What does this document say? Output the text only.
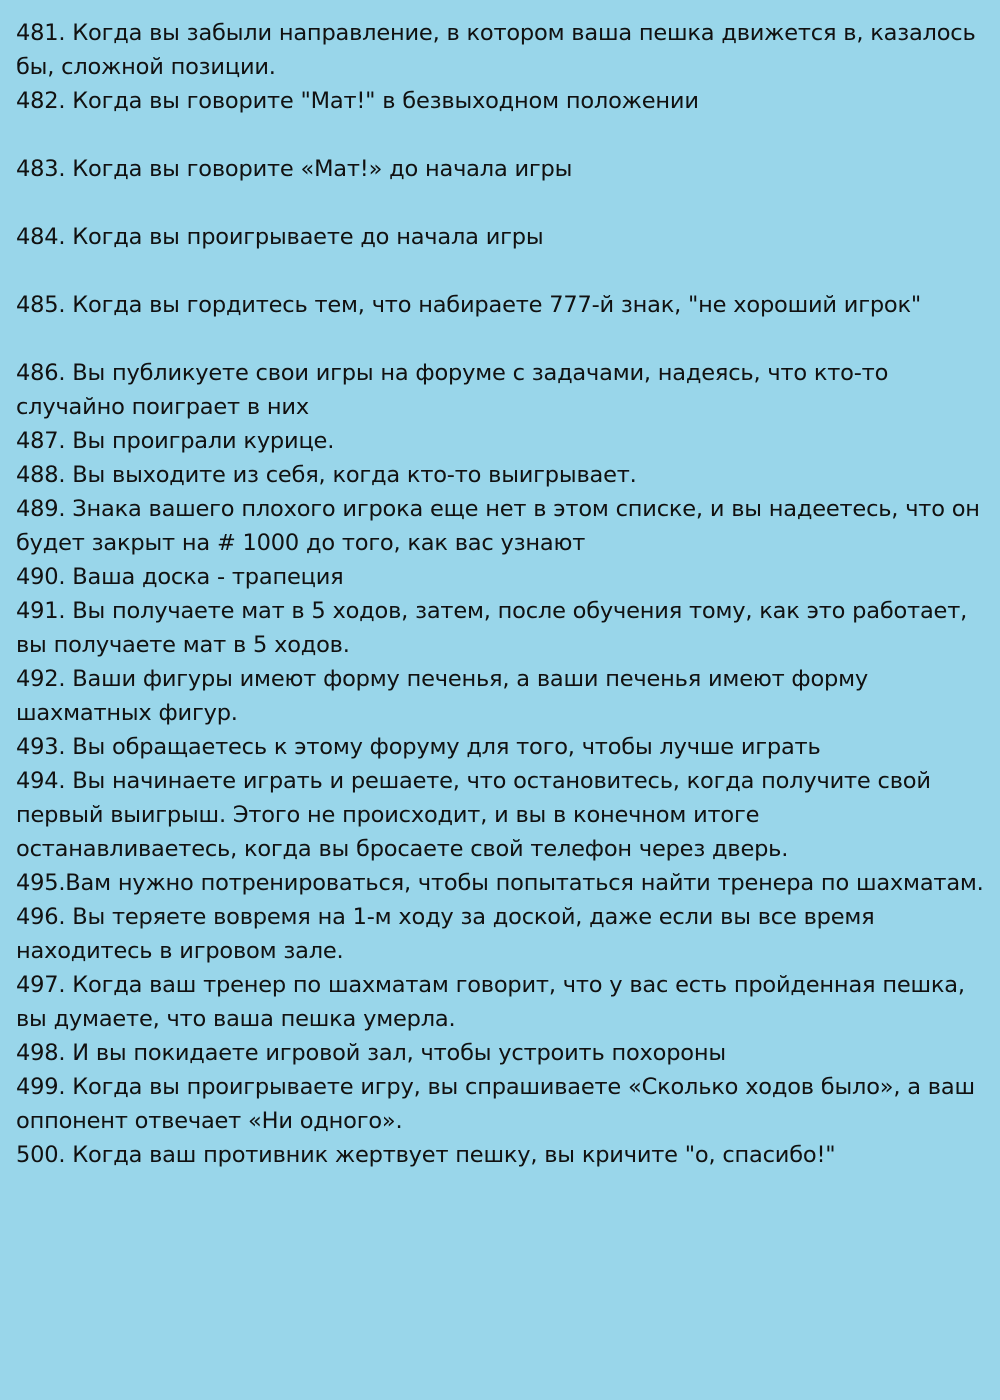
481. Когда вы забыли направление, в котором ваша пешка движется в, казалось бы, сложной позиции.
482. Когда вы говорите "Мат!" в безвыходном положении
483. Когда вы говорите «Мат!» до начала игры
484. Когда вы проигрываете до начала игры
485. Когда вы гордитесь тем, что набираете 777-й знак, "не хороший игрок"
486. Вы публикуете свои игры на форуме с задачами, надеясь, что кто-то случайно поиграет в них
487. Вы проиграли курице.
488. Вы выходите из себя, когда кто-то выигрывает.
489. Знака вашего плохого игрока еще нет в этом списке, и вы надеетесь, что он будет закрыт на # 1000 до того, как вас узнают
490. Ваша доска - трапеция
491. Вы получаете мат в 5 ходов, затем, после обучения тому, как это работает, вы получаете мат в 5 ходов.
492. Ваши фигуры имеют форму печенья, а ваши печенья имеют форму шахматных фигур.
493. Вы обращаетесь к этому форуму для того, чтобы лучше играть
494. Вы начинаете играть и решаете, что остановитесь, когда получите свой первый выигрыш. Этого не происходит, и вы в конечном итоге останавливаетесь, когда вы бросаете свой телефон через дверь.
495.Вам нужно потренироваться, чтобы попытаться найти тренера по шахматам.
496. Вы теряете вовремя на 1-м ходу за доской, даже если вы все время находитесь в игровом зале.
497. Когда ваш тренер по шахматам говорит, что у вас есть пройденная пешка, вы думаете, что ваша пешка умерла.
498. И вы покидаете игровой зал, чтобы устроить похороны
499. Когда вы проигрываете игру, вы спрашиваете «Сколько ходов было», а ваш оппонент отвечает «Ни одного».
500. Когда ваш противник жертвует пешку, вы кричите "о, спасибо!"
